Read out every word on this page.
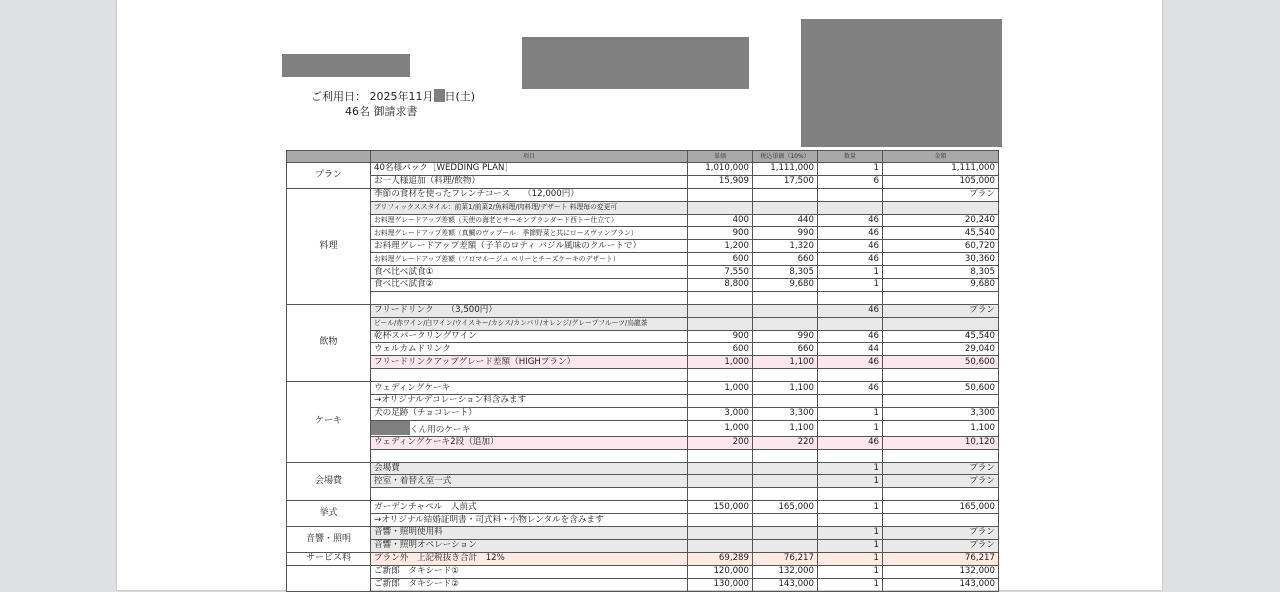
ご利用日： 2025年11月 日(土)
46名 御請求書
	項目	単価	税込単価（10%）	数量	金額
プラン	40名様パック［WEDDING PLAN］	1,010,000	1,111,000	1	1,111,000
	お一人様追加（料理/飲物）	15,909	17,500	6	105,000
料理	季節の食材を使ったフレンチコース　　（12,000円）				プラン
	プリフィックススタイル：前菜1/前菜2/魚料理/肉料理/デザート 料理毎の変更可				
	お料理グレードアップ差額（天使の海老とサーモンブランダード西トー仕立て）	400	440	46	20,240
	お料理グレードアップ差額（真鯛のヴァプール　季節野菜と共にロースヴァンブラン）	900	990	46	45,540
	お料理グレードアップ差額（子羊のロティ バジル風味のクルートで）	1,200	1,320	46	60,720
	お料理グレードアップ差額（フロマルージュ ベリーとチーズケーキのデザート）	600	660	46	30,360
	食べ比べ試食①	7,550	8,305	1	8,305
	食べ比べ試食②	8,800	9,680	1	9,680

飲物	フリードリンク　　（3,500円）			46	プラン
	ビール/赤ワイン/白ワイン/ウイスキー/カシス/カンパリ/オレンジ/グレープフルーツ/烏龍茶				
	乾杯スパークリングワイン	900	990	46	45,540
	ウェルカムドリンク	600	660	44	29,040
	フリードリンクアップグレード差額（HIGHプラン）	1,000	1,100	46	50,600

ケーキ	ウェディングケーキ	1,000	1,100	46	50,600
	→オリジナルデコレーション料含みます				
	犬の足跡（チョコレート）	3,000	3,300	1	3,300
	くん用のケーキ	1,000	1,100	1	1,100
	ウェディングケーキ2段（追加）	200	220	46	10,120

会場費	会場費			1	プラン
	控室・着替え室一式			1	プラン

挙式	ガーデンチャペル　人前式	150,000	165,000	1	165,000
	→オリジナル結婚証明書・司式料・小物レンタルを含みます				
音響・照明	音響・照明使用料			1	プラン
	音響・照明オペレーション			1	プラン
サービス料	プラン外　上記税抜き合計　12%	69,289	76,217	1	76,217
	ご新郎　タキシード①	120,000	132,000	1	132,000
	ご新郎　タキシード②	130,000	143,000	1	143,000
